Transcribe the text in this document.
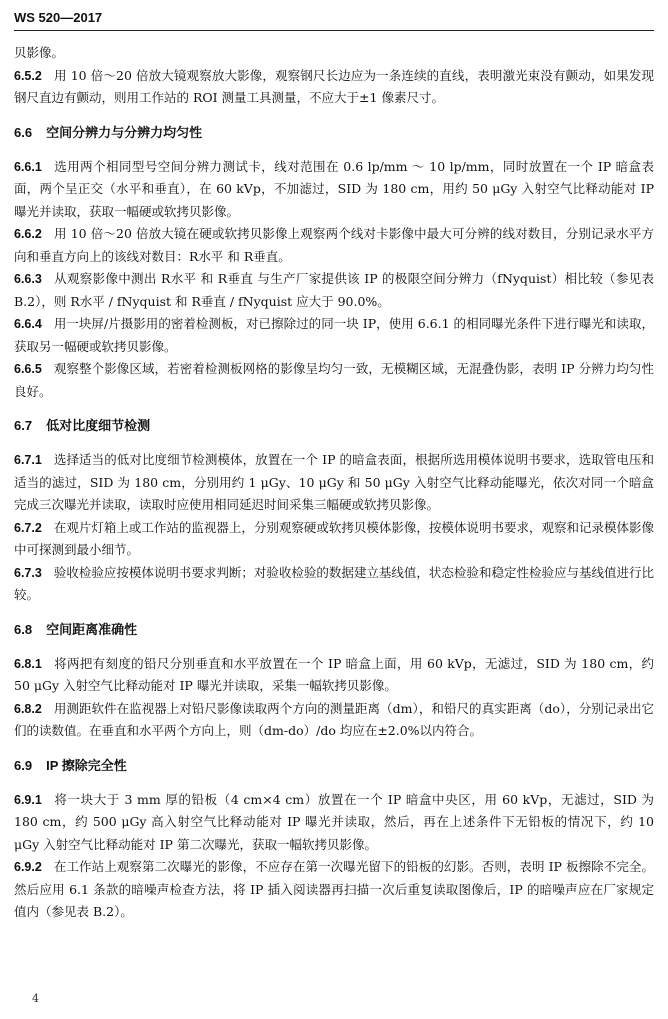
WS 520—2017

贝影像。

6.5.2 用 10 倍～20 倍放大镜观察放大影像，观察钢尺长边应为一条连续的直线，表明激光束没有颤动，如果发现钢尺直边有颤动，则用工作站的 ROI 测量工具测量，不应大于±1 像素尺寸。

6.6 空间分辨力与分辨力均匀性

6.6.1 选用两个相同型号空间分辨力测试卡，线对范围在 0.6 lp/mm ～ 10 lp/mm，同时放置在一个 IP 暗盒表面，两个呈正交（水平和垂直），在 60 kVp，不加滤过，SID 为 180 cm，用约 50 μGy 入射空气比释动能对 IP 曝光并读取，获取一幅硬或软拷贝影像。

6.6.2 用 10 倍～20 倍放大镜在硬或软拷贝影像上观察两个线对卡影像中最大可分辨的线对数目，分别记录水平方向和垂直方向上的该线对数目：R水平 和 R垂直。

6.6.3 从观察影像中测出 R水平 和 R垂直 与生产厂家提供该 IP 的极限空间分辨力（fNyquist）相比较（参见表 B.2），则 R水平 / fNyquist 和 R垂直 / fNyquist 应大于 90.0%。

6.6.4 用一块屏/片摄影用的密着检测板，对已擦除过的同一块 IP，使用 6.6.1 的相同曝光条件下进行曝光和读取，获取另一幅硬或软拷贝影像。

6.6.5 观察整个影像区域，若密着检测板网格的影像呈均匀一致，无模糊区域，无混叠伪影，表明 IP 分辨力均匀性良好。

6.7 低对比度细节检测

6.7.1 选择适当的低对比度细节检测模体，放置在一个 IP 的暗盒表面，根据所选用模体说明书要求，选取管电压和适当的滤过，SID 为 180 cm，分别用约 1 μGy、10 μGy 和 50 μGy 入射空气比释动能曝光，依次对同一个暗盒完成三次曝光并读取，读取时应使用相同延迟时间采集三幅硬或软拷贝影像。

6.7.2 在观片灯箱上或工作站的监视器上，分别观察硬或软拷贝模体影像，按模体说明书要求，观察和记录模体影像中可探测到最小细节。

6.7.3 验收检验应按模体说明书要求判断；对验收检验的数据建立基线值，状态检验和稳定性检验应与基线值进行比较。

6.8 空间距离准确性

6.8.1 将两把有刻度的铅尺分别垂直和水平放置在一个 IP 暗盒上面，用 60 kVp，无滤过，SID 为 180 cm，约 50 μGy 入射空气比释动能对 IP 曝光并读取，采集一幅软拷贝影像。

6.8.2 用测距软件在监视器上对铅尺影像读取两个方向的测量距离（dm），和铅尺的真实距离（do），分别记录出它们的读数值。在垂直和水平两个方向上，则（dm-do）/do 均应在±2.0%以内符合。

6.9 IP 擦除完全性

6.9.1 将一块大于 3 mm 厚的铅板（4 cm×4 cm）放置在一个 IP 暗盒中央区，用 60 kVp，无滤过，SID 为 180 cm，约 500 μGy 高入射空气比释动能对 IP 曝光并读取，然后，再在上述条件下无铅板的情况下，约 10 μGy 入射空气比释动能对 IP 第二次曝光，获取一幅软拷贝影像。

6.9.2 在工作站上观察第二次曝光的影像，不应存在第一次曝光留下的铅板的幻影。否则，表明 IP 板擦除不完全。然后应用 6.1 条款的暗噪声检查方法，将 IP 插入阅读器再扫描一次后重复读取图像后，IP 的暗噪声应在厂家规定值内（参见表 B.2）。

4
